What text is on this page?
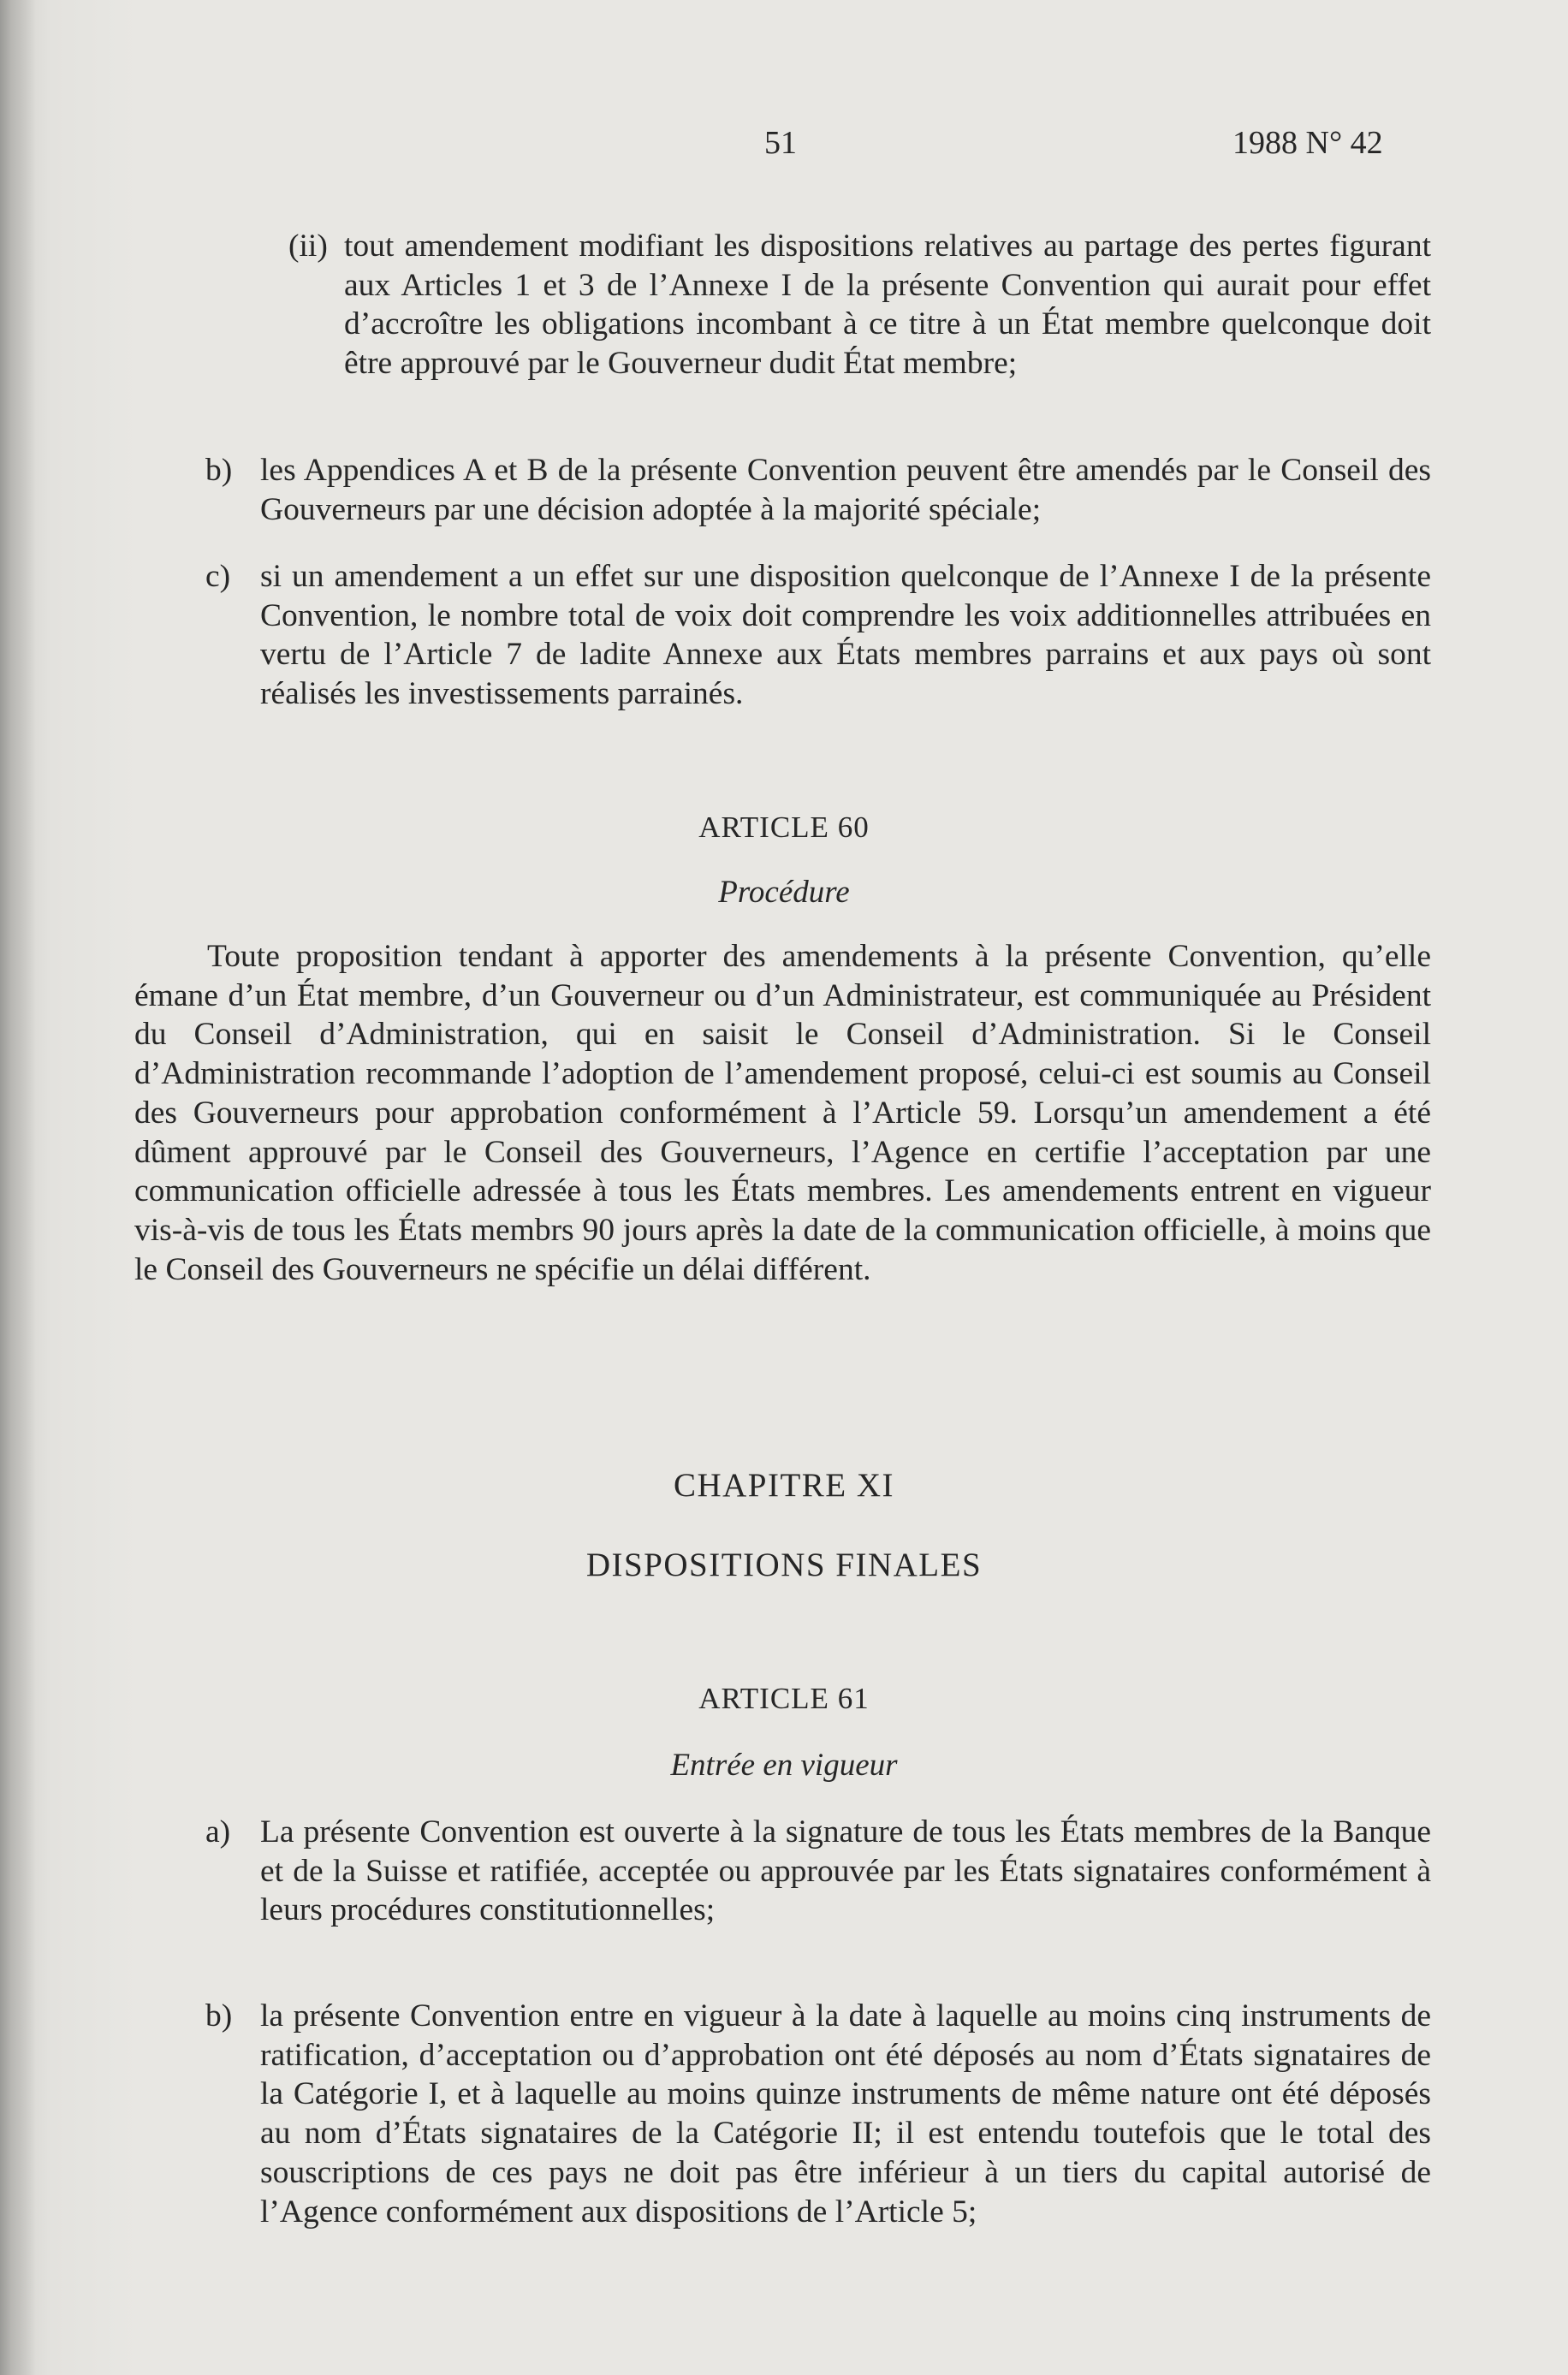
51	1988 N° 42
(ii) tout amendement modifiant les dispositions relatives au partage des pertes figurant aux Articles 1 et 3 de l’Annexe I de la présente Convention qui aurait pour effet d’accroître les obligations incombant à ce titre à un État membre quelconque doit être approuvé par le Gouverneur dudit État membre;
b) les Appendices A et B de la présente Convention peuvent être amendés par le Conseil des Gouverneurs par une décision adoptée à la majorité spéciale;
c) si un amendement a un effet sur une disposition quelconque de l’Annexe I de la présente Convention, le nombre total de voix doit comprendre les voix additionnelles attribuées en vertu de l’Article 7 de ladite Annexe aux États membres parrains et aux pays où sont réalisés les investissements parrainés.
ARTICLE 60
Procédure
Toute proposition tendant à apporter des amendements à la présente Convention, qu’elle émane d’un État membre, d’un Gouverneur ou d’un Administrateur, est communiquée au Président du Conseil d’Administration, qui en saisit le Conseil d’Administration. Si le Conseil d’Administration recommande l’adoption de l’amendement proposé, celui-ci est soumis au Conseil des Gouverneurs pour approbation conformément à l’Article 59. Lorsqu’un amendement a été dûment approuvé par le Conseil des Gouverneurs, l’Agence en certifie l’acceptation par une communication officielle adressée à tous les États membres. Les amendements entrent en vigueur vis-à-vis de tous les États membrs 90 jours après la date de la communication officielle, à moins que le Conseil des Gouverneurs ne spécifie un délai différent.
CHAPITRE XI
DISPOSITIONS FINALES
ARTICLE 61
Entrée en vigueur
a) La présente Convention est ouverte à la signature de tous les États membres de la Banque et de la Suisse et ratifiée, acceptée ou approuvée par les États signataires conformément à leurs procédures constitutionnelles;
b) la présente Convention entre en vigueur à la date à laquelle au moins cinq instruments de ratification, d’acceptation ou d’approbation ont été déposés au nom d’États signataires de la Catégorie I, et à laquelle au moins quinze instruments de même nature ont été déposés au nom d’États signataires de la Catégorie II; il est entendu toutefois que le total des souscriptions de ces pays ne doit pas être inférieur à un tiers du capital autorisé de l’Agence conformément aux dispositions de l’Article 5;
